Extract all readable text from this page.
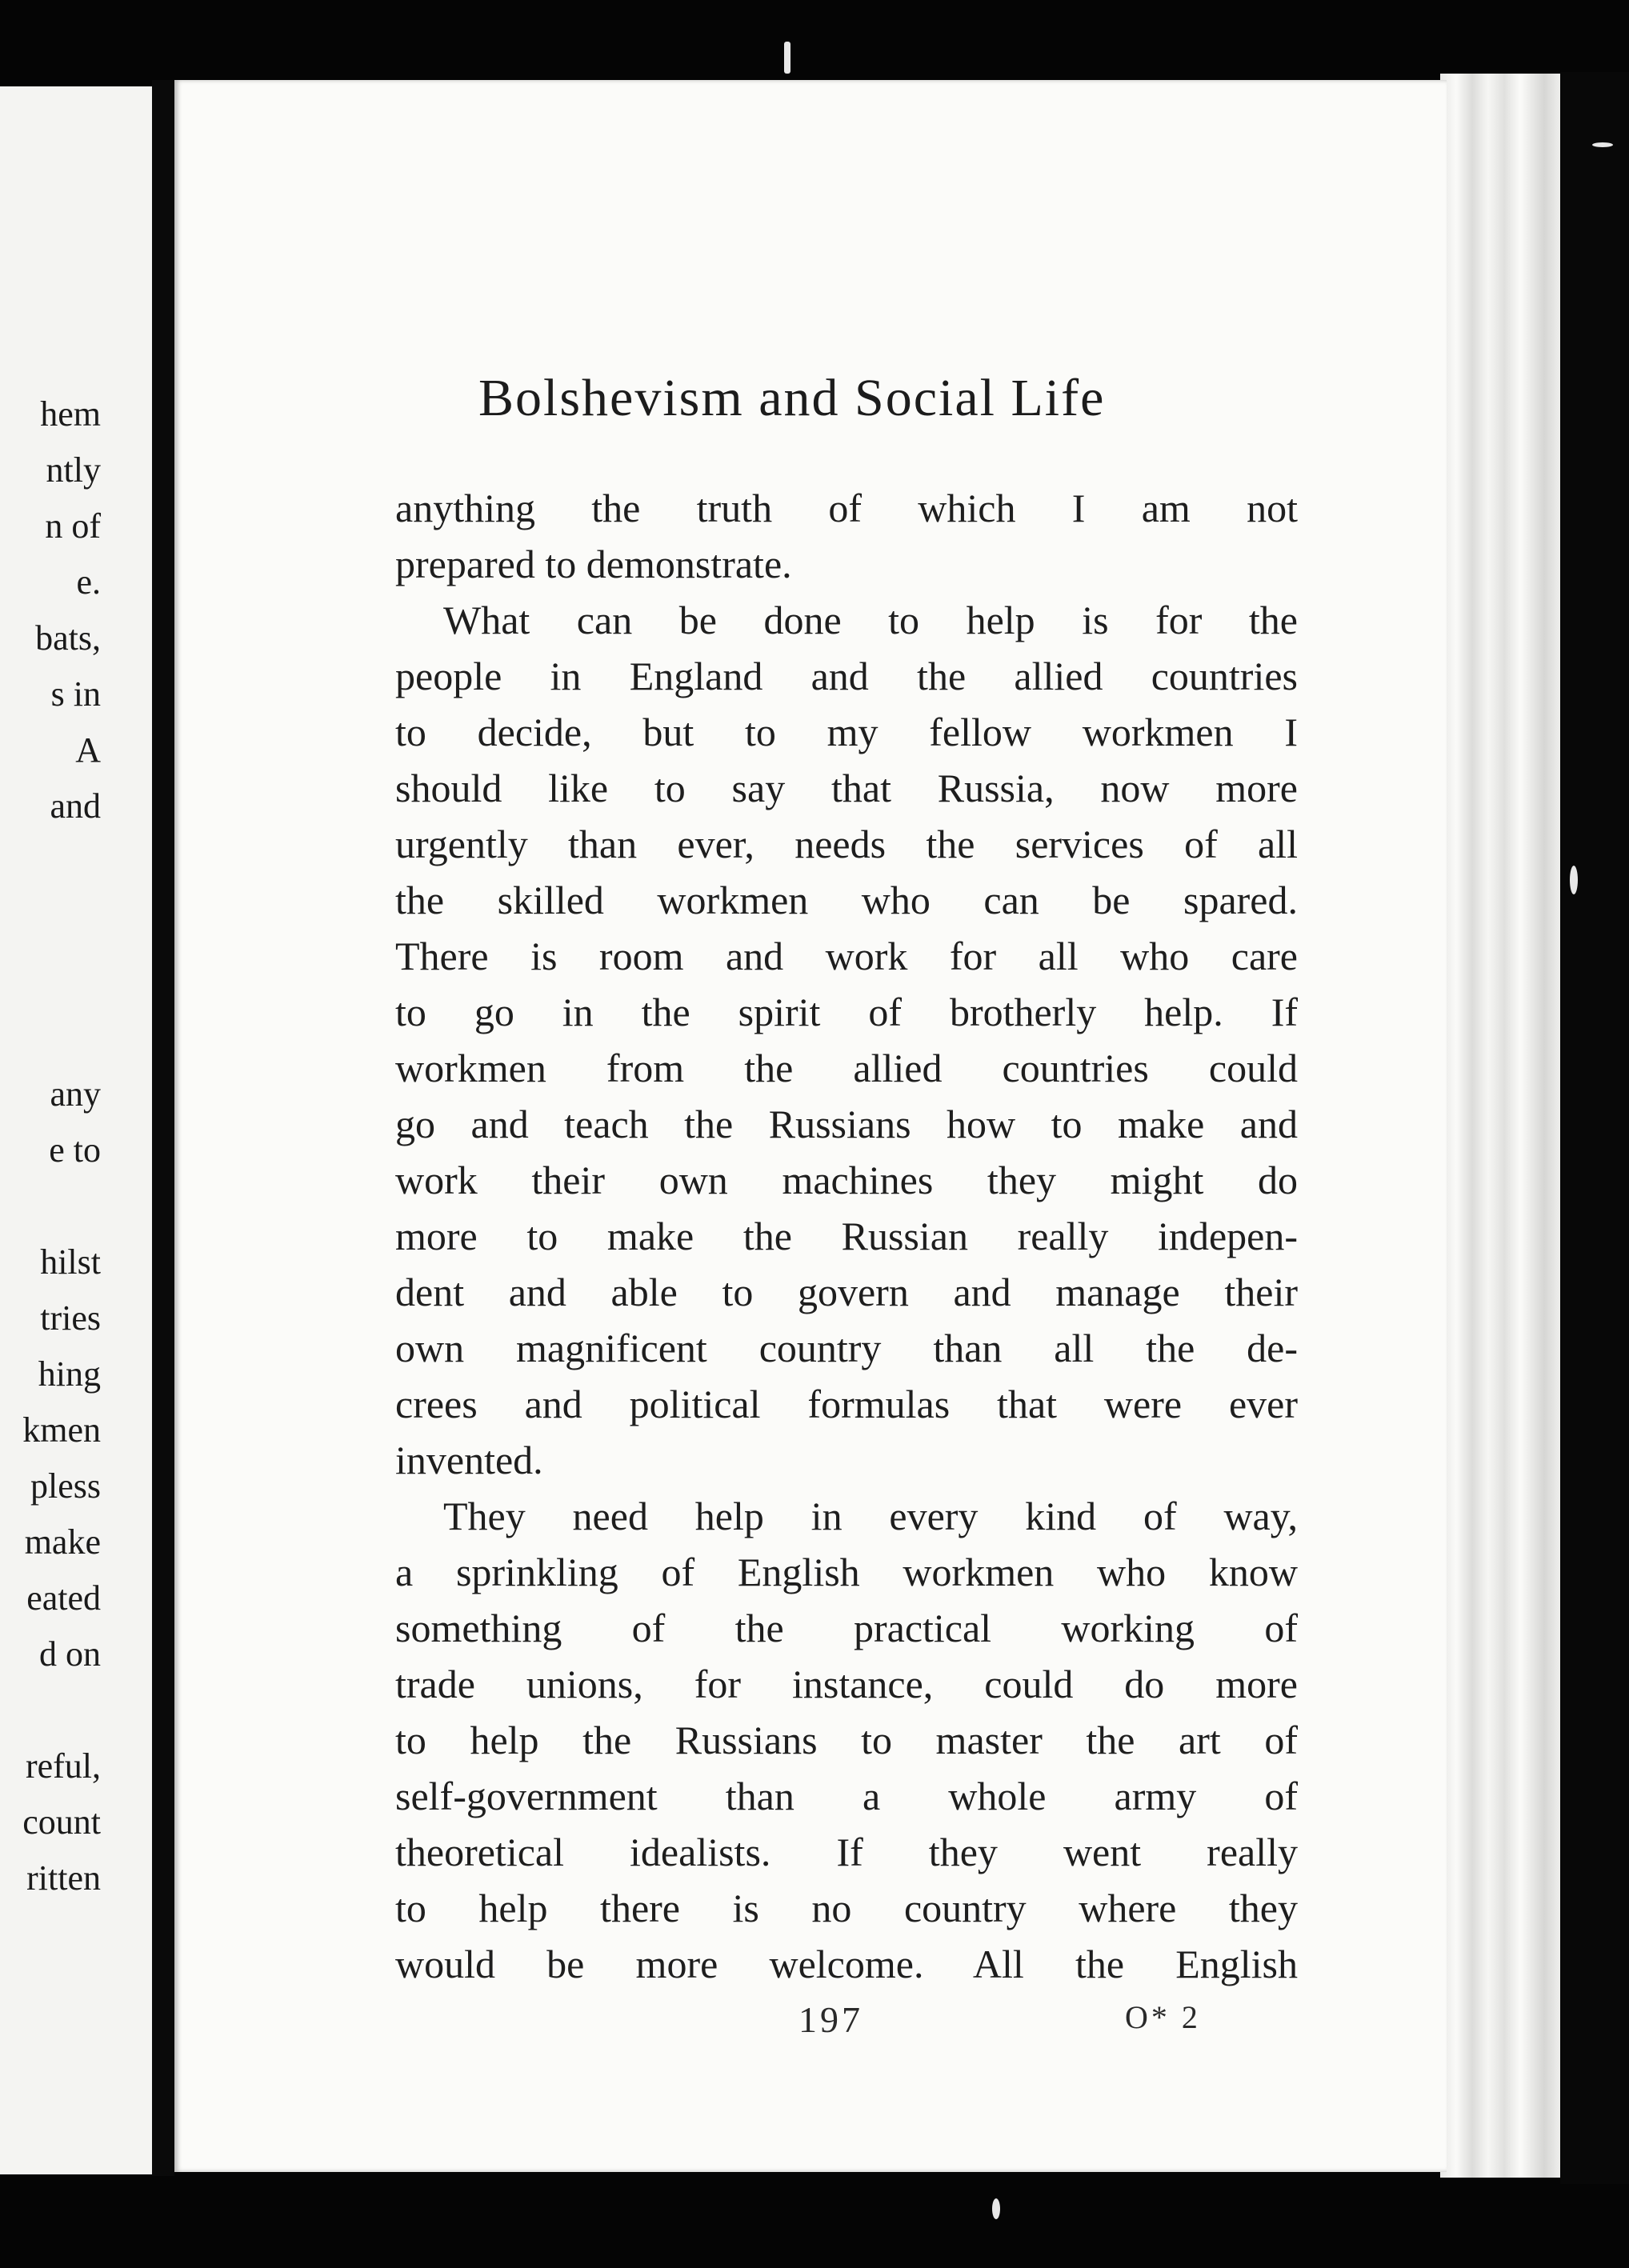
hem
ntly
n of
e.
bats,
s in
A
and
any
e to
hilst
tries
hing
kmen
pless
make
eated
d on
reful,
count
ritten
Bolshevism and Social Life
anything the truth of which I am not
prepared to demonstrate.
What can be done to help is for the
people in England and the allied countries
to decide, but to my fellow workmen I
should like to say that Russia, now more
urgently than ever, needs the services of all
the skilled workmen who can be spared.
There is room and work for all who care
to go in the spirit of brotherly help. If
workmen from the allied countries could
go and teach the Russians how to make and
work their own machines they might do
more to make the Russian really indepen-
dent and able to govern and manage their
own magnificent country than all the de-
crees and political formulas that were ever
invented.
They need help in every kind of way,
a sprinkling of English workmen who know
something of the practical working of
trade unions, for instance, could do more
to help the Russians to master the art of
self-government than a whole army of
theoretical idealists. If they went really
to help there is no country where they
would be more welcome. All the English
197	O* 2
